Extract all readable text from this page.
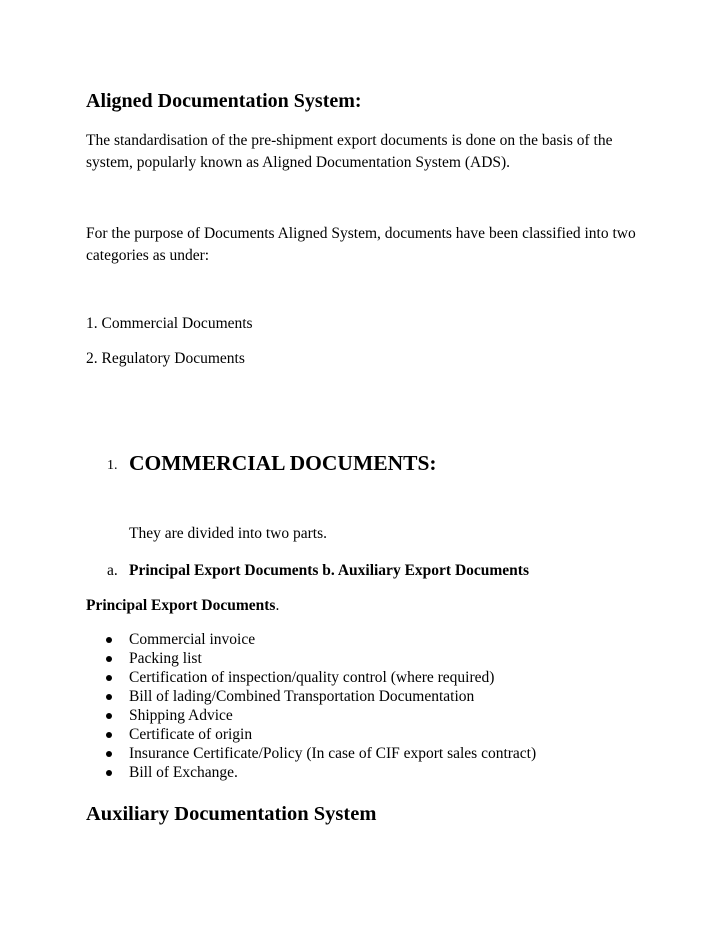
Aligned Documentation System:

The standardisation of the pre-shipment export documents is done on the basis of the system, popularly known as Aligned Documentation System (ADS).

For the purpose of Documents Aligned System, documents have been classified into two categories as under:

1. Commercial Documents

2. Regulatory Documents

1. COMMERCIAL DOCUMENTS:

They are divided into two parts.

a. Principal Export Documents b. Auxiliary Export Documents

Principal Export Documents.

Commercial invoice
Packing list
Certification of inspection/quality control (where required)
Bill of lading/Combined Transportation Documentation
Shipping Advice
Certificate of origin
Insurance Certificate/Policy (In case of CIF export sales contract)
Bill of Exchange.
Auxiliary Documentation System
